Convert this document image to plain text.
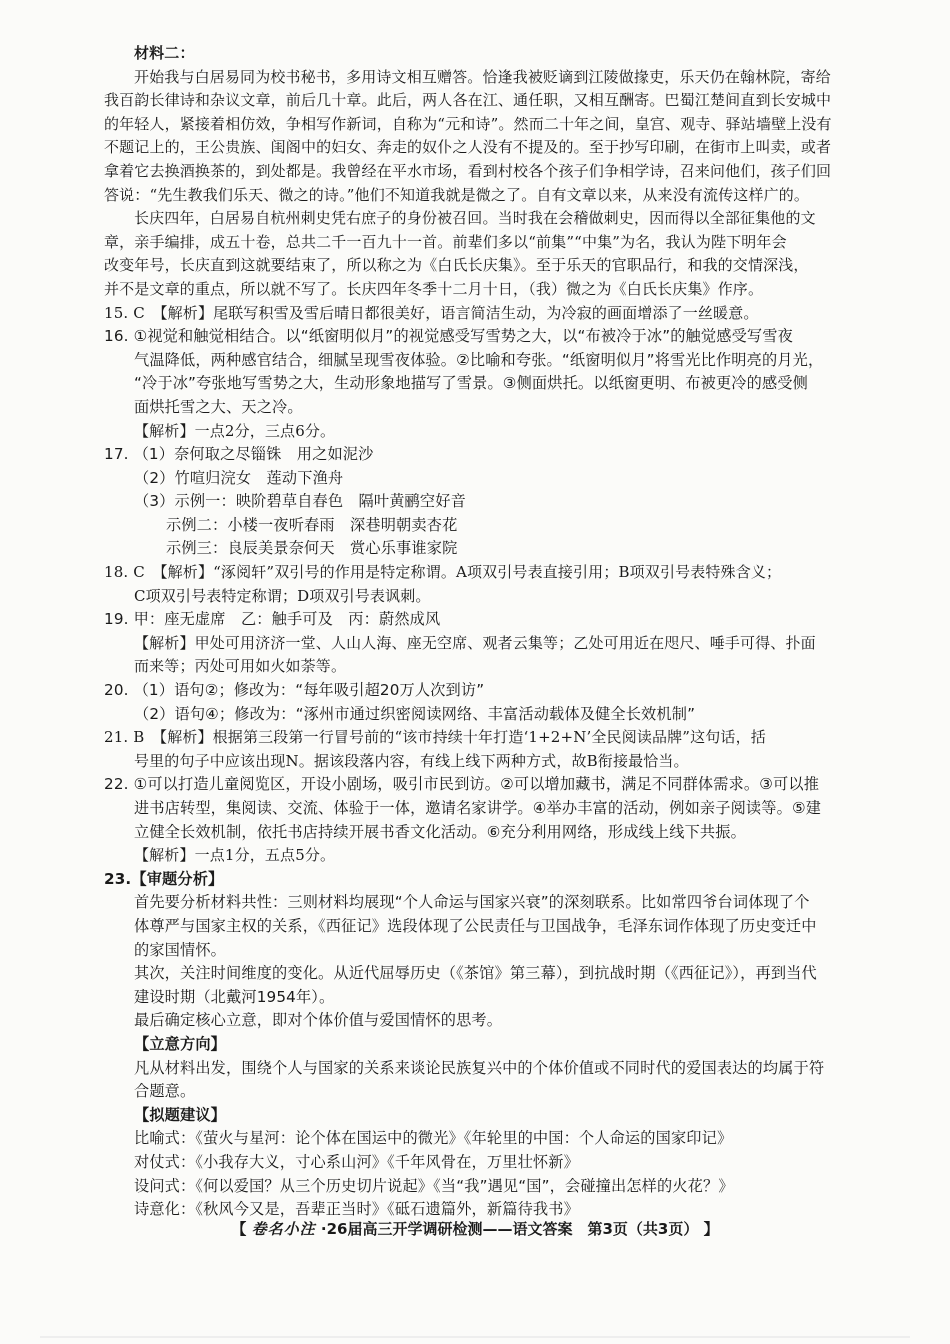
材料二：
开始我与白居易同为校书秘书，多用诗文相互赠答。恰逢我被贬谪到江陵做掾吏，乐天仍在翰林院，寄给
我百韵长律诗和杂议文章，前后几十章。此后，两人各在江、通任职，又相互酬寄。巴蜀江楚间直到长安城中
的年轻人，紧接着相仿效，争相写作新词，自称为“元和诗”。然而二十年之间，皇宫、观寺、驿站墙壁上没有
不题记上的，王公贵族、闺阁中的妇女、奔走的奴仆之人没有不提及的。至于抄写印刷，在街市上叫卖，或者
拿着它去换酒换茶的，到处都是。我曾经在平水市场，看到村校各个孩子们争相学诗，召来问他们，孩子们回
答说：“先生教我们乐天、微之的诗。”他们不知道我就是微之了。自有文章以来，从来没有流传这样广的。
长庆四年，白居易自杭州刺史凭右庶子的身份被召回。当时我在会稽做刺史，因而得以全部征集他的文
章，亲手编排，成五十卷，总共二千一百九十一首。前辈们多以“前集”“中集”为名，我认为陛下明年会
改变年号，长庆直到这就要结束了，所以称之为《白氏长庆集》。至于乐天的官职品行，和我的交情深浅，
并不是文章的重点，所以就不写了。长庆四年冬季十二月十日，（我）微之为《白氏长庆集》作序。
15. C　【解析】尾联写积雪及雪后晴日都很美好，语言简洁生动，为冷寂的画面增添了一丝暖意。
16. ①视觉和触觉相结合。以“纸窗明似月”的视觉感受写雪势之大，以“布被冷于冰”的触觉感受写雪夜
气温降低，两种感官结合，细腻呈现雪夜体验。②比喻和夸张。“纸窗明似月”将雪光比作明亮的月光，
“冷于冰”夸张地写雪势之大，生动形象地描写了雪景。③侧面烘托。以纸窗更明、布被更冷的感受侧
面烘托雪之大、天之冷。
【解析】一点2分，三点6分。
17. （1）奈何取之尽锱铢　用之如泥沙
（2）竹喧归浣女　莲动下渔舟
（3）示例一：映阶碧草自春色　隔叶黄鹂空好音
示例二：小楼一夜听春雨　深巷明朝卖杏花
示例三：良辰美景奈何天　赏心乐事谁家院
18. C　【解析】“涿阅轩”双引号的作用是特定称谓。A项双引号表直接引用；B项双引号表特殊含义；
C项双引号表特定称谓；D项双引号表讽刺。
19. 甲：座无虚席　乙：触手可及　丙：蔚然成风
【解析】甲处可用济济一堂、人山人海、座无空席、观者云集等；乙处可用近在咫尺、唾手可得、扑面
而来等；丙处可用如火如荼等。
20. （1）语句②；修改为：“每年吸引超20万人次到访”
（2）语句④；修改为：“涿州市通过织密阅读网络、丰富活动载体及健全长效机制”
21. B　【解析】根据第三段第一行冒号前的“该市持续十年打造‘1+2+N’全民阅读品牌”这句话，括
号里的句子中应该出现N。据该段落内容，有线上线下两种方式，故B衔接最恰当。
22. ①可以打造儿童阅览区，开设小剧场，吸引市民到访。②可以增加藏书，满足不同群体需求。③可以推
进书店转型，集阅读、交流、体验于一体，邀请名家讲学。④举办丰富的活动，例如亲子阅读等。⑤建
立健全长效机制，依托书店持续开展书香文化活动。⑥充分利用网络，形成线上线下共振。
【解析】一点1分，五点5分。
23.【审题分析】
首先要分析材料共性：三则材料均展现“个人命运与国家兴衰”的深刻联系。比如常四爷台词体现了个
体尊严与国家主权的关系，《西征记》选段体现了公民责任与卫国战争，毛泽东词作体现了历史变迁中
的家国情怀。
其次，关注时间维度的变化。从近代屈辱历史（《茶馆》第三幕），到抗战时期（《西征记》），再到当代
建设时期（北戴河1954年）。
最后确定核心立意，即对个体价值与爱国情怀的思考。
【立意方向】
凡从材料出发，围绕个人与国家的关系来谈论民族复兴中的个体价值或不同时代的爱国表达的均属于符
合题意。
【拟题建议】
比喻式：《萤火与星河：论个体在国运中的微光》《年轮里的中国：个人命运的国家印记》
对仗式：《小我存大义，寸心系山河》《千年风骨在，万里壮怀新》
设问式：《何以爱国？从三个历史切片说起》《当“我”遇见“国”，会碰撞出怎样的火花？》
诗意化：《秋风今又是，吾辈正当时》《砥石遗篇外，新篇待我书》
【 卷名小注 ·26届高三开学调研检测——语文答案　第3页（共3页） 】
